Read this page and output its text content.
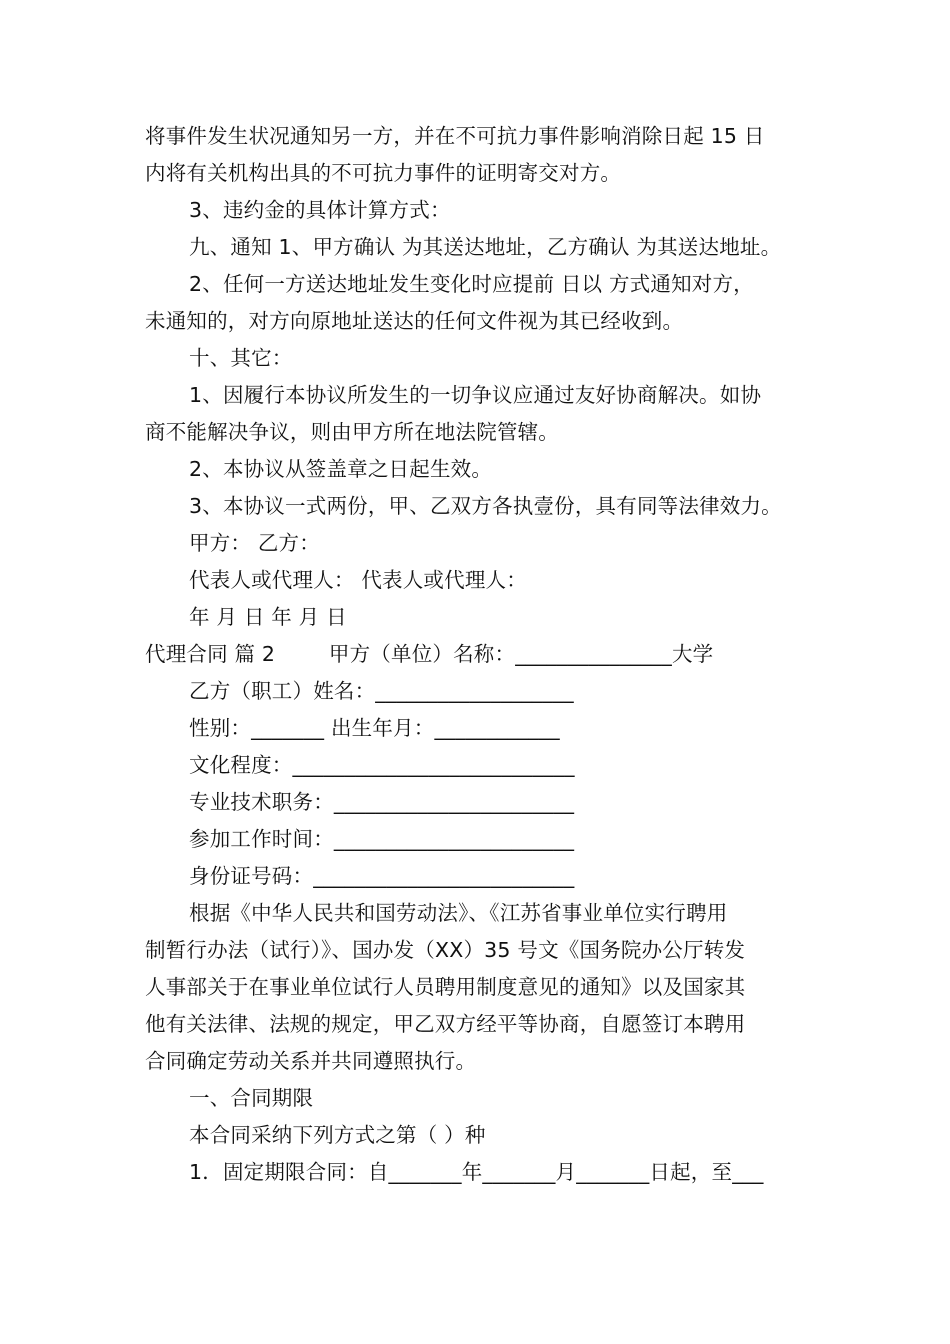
将事件发生状况通知另一方，并在不可抗力事件影响消除日起 15 日
内将有关机构出具的不可抗力事件的证明寄交对方。
3、违约金的具体计算方式：
九、通知 1、甲方确认 为其送达地址，乙方确认 为其送达地址。
2、任何一方送达地址发生变化时应提前 日以 方式通知对方，
未通知的，对方向原地址送达的任何文件视为其已经收到。
十、其它：
1、因履行本协议所发生的一切争议应通过友好协商解决。如协
商不能解决争议，则由甲方所在地法院管辖。
2、本协议从签盖章之日起生效。
3、本协议一式两份，甲、乙双方各执壹份，具有同等法律效力。
甲方： 乙方：
代表人或代理人： 代表人或代理人：
年 月 日 年 月 日
代理合同 篇 2        甲方（单位）名称：_______________大学
乙方（职工）姓名：___________________
性别：_______ 出生年月：____________
文化程度：___________________________
专业技术职务：_______________________
参加工作时间：_______________________
身份证号码：_________________________
根据《中华人民共和国劳动法》、《江苏省事业单位实行聘用
制暂行办法（试行）》、国办发（XX）35 号文《国务院办公厅转发
人事部关于在事业单位试行人员聘用制度意见的通知》以及国家其
他有关法律、法规的规定，甲乙双方经平等协商，自愿签订本聘用
合同确定劳动关系并共同遵照执行。
一、合同期限
本合同采纳下列方式之第（ ）种
1．固定期限合同：自_______年_______月_______日起，至___
